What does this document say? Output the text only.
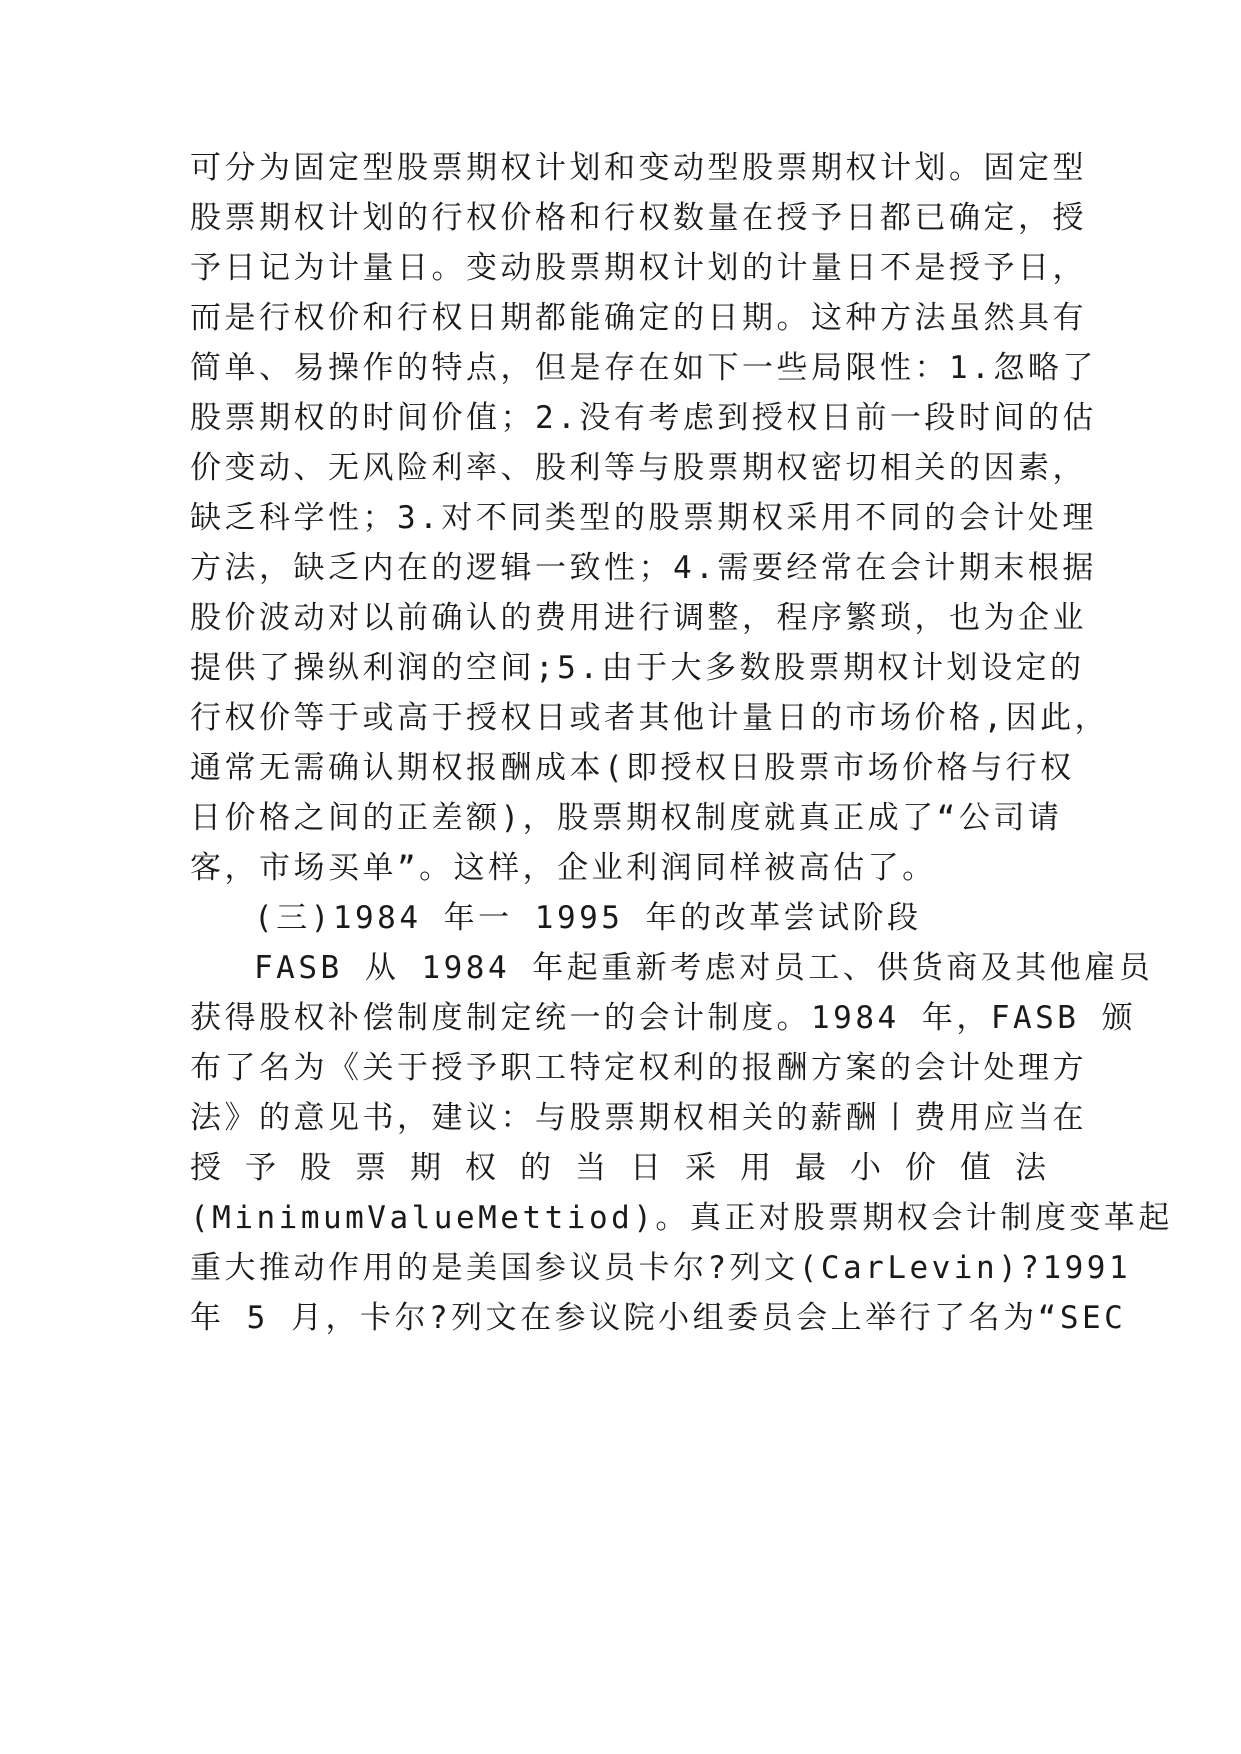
可分为固定型股票期权计划和变动型股票期权计划。固定型
股票期权计划的行权价格和行权数量在授予日都已确定，授
予日记为计量日。变动股票期权计划的计量日不是授予日，
而是行权价和行权日期都能确定的日期。这种方法虽然具有
简单、易操作的特点，但是存在如下一些局限性：1.忽略了
股票期权的时间价值；2.没有考虑到授权日前一段时间的估
价变动、无风险利率、股利等与股票期权密切相关的因素，
缺乏科学性；3.对不同类型的股票期权采用不同的会计处理
方法，缺乏内在的逻辑一致性；4.需要经常在会计期末根据
股价波动对以前确认的费用进行调整，程序繁琐，也为企业
提供了操纵利润的空间;5.由于大多数股票期权计划设定的
行权价等于或高于授权日或者其他计量日的市场价格,因此，
通常无需确认期权报酬成本(即授权日股票市场价格与行权
日价格之间的正差额)，股票期权制度就真正成了“公司请
客，市场买单”。这样，企业利润同样被高估了。
(三)1984 年一 1995 年的改革尝试阶段
FASB 从 1984 年起重新考虑对员工、供货商及其他雇员
获得股权补偿制度制定统一的会计制度。1984 年，FASB 颁
布了名为《关于授予职工特定权利的报酬方案的会计处理方
法》的意见书，建议：与股票期权相关的薪酬丨费用应当在
授 予 股 票 期 权 的 当 日 采 用 最 小 价 值 法
(MinimumValueMettiod)。真正对股票期权会计制度变革起
重大推动作用的是美国参议员卡尔?列文(CarLevin)?1991
年 5 月，卡尔?列文在参议院小组委员会上举行了名为“SEC
